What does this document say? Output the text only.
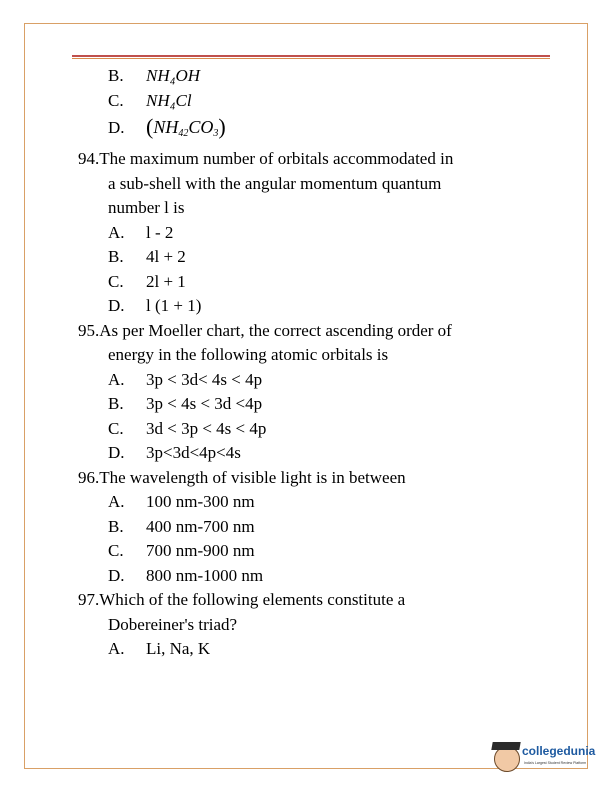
B. NH₄OH
C. NH₄Cl
D. $(NH_{42}CO_3)$
94.The maximum number of orbitals accommodated in
a sub-shell with the angular momentum quantum
number l is
A. l - 2
B. 4l + 2
C. 2l + 1
D. l (1 + 1)
95.As per Moeller chart, the correct ascending order of
energy in the following atomic orbitals is
A. 3p < 3d< 4s < 4p
B. 3p < 4s < 3d <4p
C. 3d < 3p < 4s < 4p
D. 3p<3d<4p<4s
96.The wavelength of visible light is in between
A. 100 nm-300 nm
B. 400 nm-700 nm
C. 700 nm-900 nm
D. 800 nm-1000 nm
97.Which of the following elements constitute a
Dobereiner's triad?
A. Li, Na, K
collegedunia
India's Largest Student Review Platform
